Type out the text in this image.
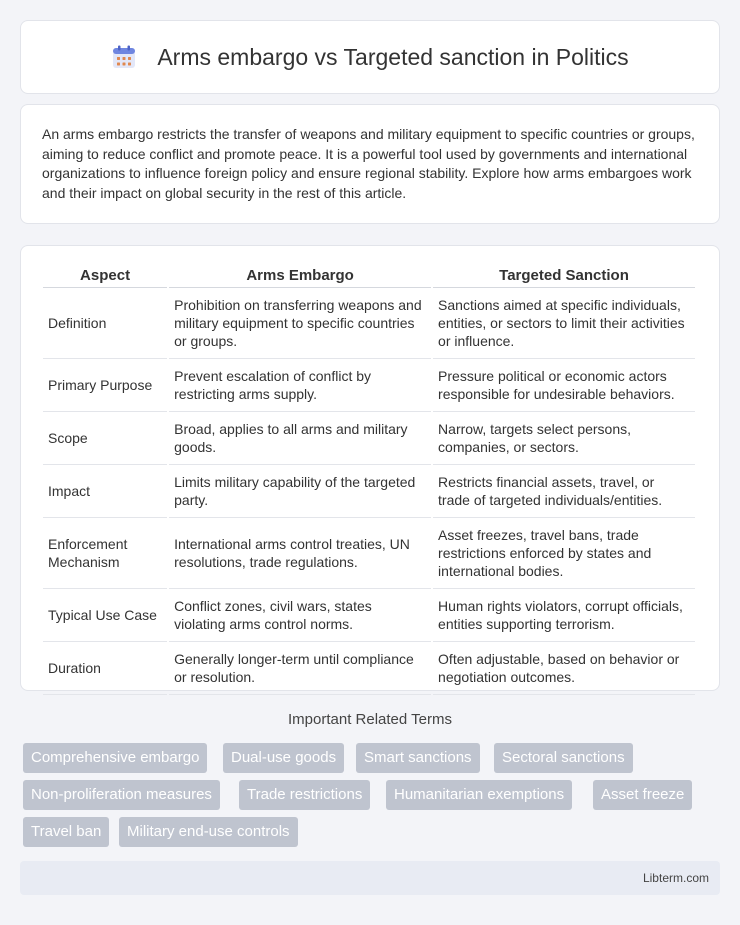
Arms embargo vs Targeted sanction in Politics

An arms embargo restricts the transfer of weapons and military equipment to specific countries or groups, aiming to reduce conflict and promote peace. It is a powerful tool used by governments and international organizations to influence foreign policy and ensure regional stability. Explore how arms embargoes work and their impact on global security in the rest of this article.

Aspect	Arms Embargo	Targeted Sanction
Definition	Prohibition on transferring weapons and military equipment to specific countries or groups.	Sanctions aimed at specific individuals, entities, or sectors to limit their activities or influence.
Primary Purpose	Prevent escalation of conflict by restricting arms supply.	Pressure political or economic actors responsible for undesirable behaviors.
Scope	Broad, applies to all arms and military goods.	Narrow, targets select persons, companies, or sectors.
Impact	Limits military capability of the targeted party.	Restricts financial assets, travel, or trade of targeted individuals/entities.
Enforcement Mechanism	International arms control treaties, UN resolutions, trade regulations.	Asset freezes, travel bans, trade restrictions enforced by states and international bodies.
Typical Use Case	Conflict zones, civil wars, states violating arms control norms.	Human rights violators, corrupt officials, entities supporting terrorism.
Duration	Generally longer-term until compliance or resolution.	Often adjustable, based on behavior or negotiation outcomes.
Important Related Terms
Comprehensive embargo	Dual-use goods	Smart sanctions	Sectoral sanctions
Non-proliferation measures	Trade restrictions	Humanitarian exemptions	Asset freeze
Travel ban	Military end-use controls
Libterm.com
